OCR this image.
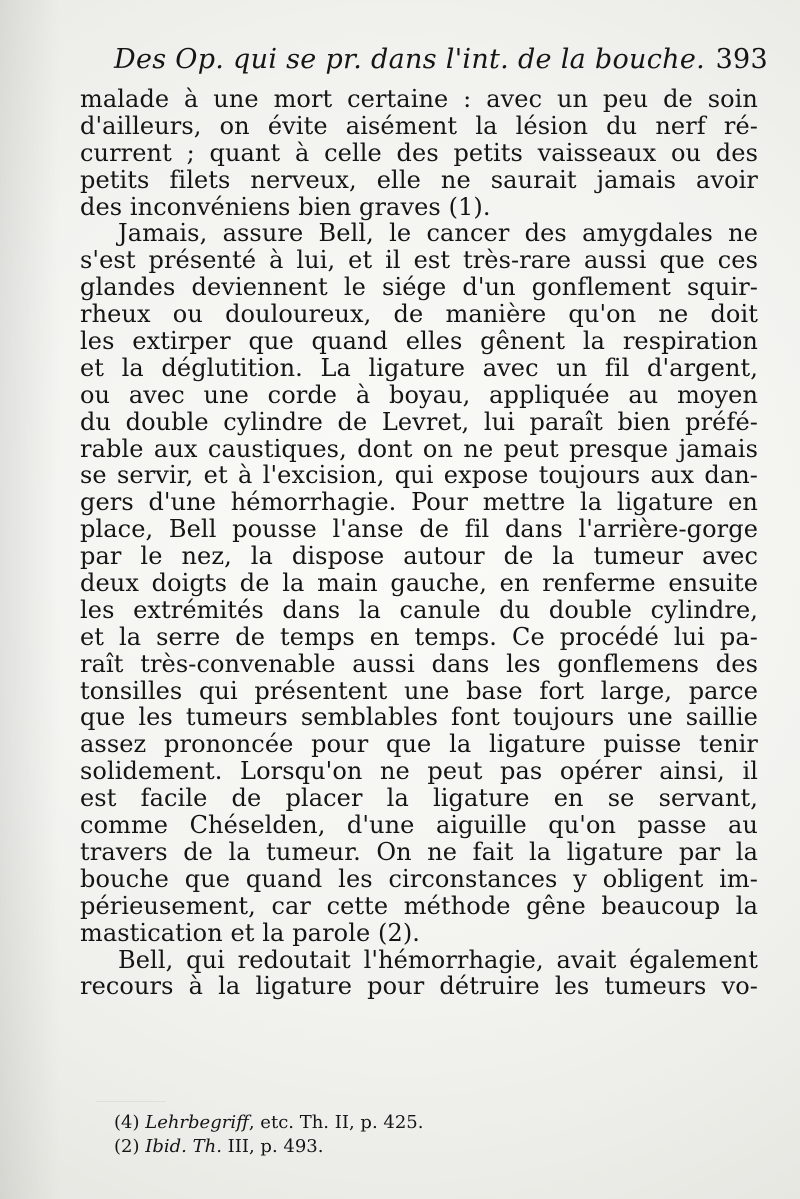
Des Op. qui se pr. dans l'int. de la bouche. 393
malade à une mort certaine : avec un peu de soin
d'ailleurs, on évite aisément la lésion du nerf ré-
current ; quant à celle des petits vaisseaux ou des
petits filets nerveux, elle ne saurait jamais avoir
des inconvéniens bien graves (1).
Jamais, assure Bell, le cancer des amygdales ne
s'est présenté à lui, et il est très-rare aussi que ces
glandes deviennent le siége d'un gonflement squir-
rheux ou douloureux, de manière qu'on ne doit
les extirper que quand elles gênent la respiration
et la déglutition. La ligature avec un fil d'argent,
ou avec une corde à boyau, appliquée au moyen
du double cylindre de Levret, lui paraît bien préfé-
rable aux caustiques, dont on ne peut presque jamais
se servir, et à l'excision, qui expose toujours aux dan-
gers d'une hémorrhagie. Pour mettre la ligature en
place, Bell pousse l'anse de fil dans l'arrière-gorge
par le nez, la dispose autour de la tumeur avec
deux doigts de la main gauche, en renferme ensuite
les extrémités dans la canule du double cylindre,
et la serre de temps en temps. Ce procédé lui pa-
raît très-convenable aussi dans les gonflemens des
tonsilles qui présentent une base fort large, parce
que les tumeurs semblables font toujours une saillie
assez prononcée pour que la ligature puisse tenir
solidement. Lorsqu'on ne peut pas opérer ainsi, il
est facile de placer la ligature en se servant,
comme Chéselden, d'une aiguille qu'on passe au
travers de la tumeur. On ne fait la ligature par la
bouche que quand les circonstances y obligent im-
périeusement, car cette méthode gêne beaucoup la
mastication et la parole (2).
Bell, qui redoutait l'hémorrhagie, avait également
recours à la ligature pour détruire les tumeurs vo-
(4) Lehrbegriff, etc. Th. II, p. 425.
(2) Ibid. Th. III, p. 493.
